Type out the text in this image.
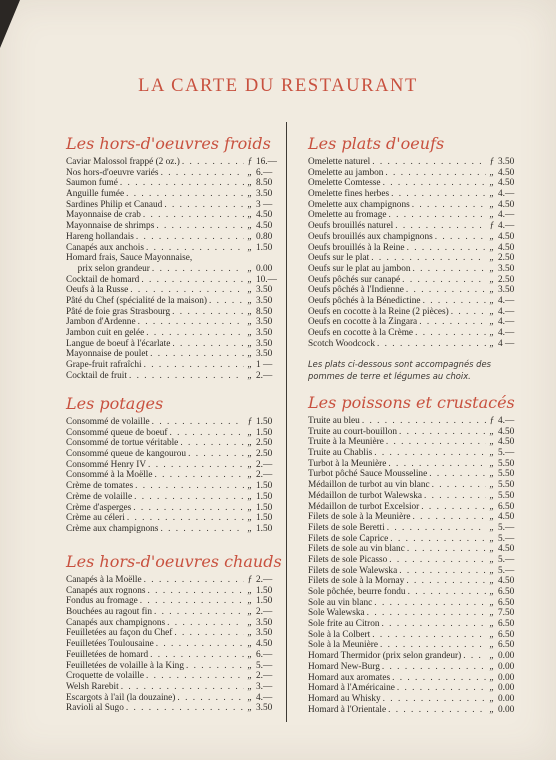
LA CARTE DU RESTAURANT
Les hors-d'oeuvres froids
Caviar Malossol frappé (2 oz.) . . .	ƒ 16.—
Nos hors-d'oeuvre variés . . .	„ 6.—
Saumon fumé . . .	„ 8.50
Anguille fumée . . .	„ 3.50
Sardines Philip et Canaud . . .	„ 3 —
Mayonnaise de crab . . .	„ 4.50
Mayonnaise de shrimps . . .	„ 4.50
Hareng hollandais . . .	„ 0.80
Canapés aux anchois . . .	„ 1.50
Homard frais, Sauce Mayonnaise,
prix selon grandeur . . .	„ 0.00
Cocktail de homard . . .	„ 10.—
Oeufs à la Russe . . .	„ 3.50
Pâté du Chef (spécialité de la maison) . . .	„ 3.50
Pâté de foie gras Strasbourg . . .	„ 8.50
Jambon d'Ardenne . . .	„ 3.50
Jambon cuit en gelée . . .	„ 3.50
Langue de boeuf à l'écarlate . . .	„ 3.50
Mayonnaise de poulet . . .	„ 3.50
Grape-fruit rafraîchi . . .	„ 1 —
Cocktail de fruit . . .	„ 2.—
Les potages
Consommé de volaille . . .	ƒ 1.50
Consommé queue de boeuf . . .	„ 1.50
Consommé de tortue véritable . . .	„ 2.50
Consommé queue de kangourou . . .	„ 2.50
Consommé Henry IV . . .	„ 2.—
Consommé à la Moëlle . . .	„ 2.—
Crème de tomates . . .	„ 1.50
Crème de volaille . . .	„ 1.50
Crème d'asperges . . .	„ 1.50
Crème au céleri . . .	„ 1.50
Crème aux champignons . . .	„ 1.50
Les hors-d'oeuvres chauds
Canapés à la Moëlle . . .	ƒ 2.—
Canapés aux rognons . . .	„ 1.50
Fondus au fromage . . .	„ 1.50
Bouchées au ragout fin . . .	„ 2.—
Canapés aux champignons . . .	„ 3.50
Feuilletées au façon du Chef . . .	„ 3.50
Feuilletées Toulousaine . . .	„ 4.50
Feuilletées de homard . . .	„ 6.—
Feuilletées de volaille à la King . . .	„ 5.—
Croquette de volaille . . .	„ 2.—
Welsh Rarebit . . .	„ 3.—
Escargots à l'ail (la douzaine) . . .	„ 4.—
Ravioli al Sugo . . .	„ 3.50
Les plats d'oeufs
Omelette naturel . . .	ƒ 3.50
Omelette au jambon . . .	„ 4.50
Omelette Comtesse . . .	„ 4.50
Omelette fines herbes . . .	„ 4.—
Omelette aux champignons . . .	„ 4.50
Omelette au fromage . . .	„ 4.—
Oeufs brouillés naturel . . .	ƒ 4.—
Oeufs brouillés aux champignons . . .	„ 4.50
Oeufs brouillés à la Reine . . .	„ 4.50
Oeufs sur le plat . . .	„ 2.50
Oeufs sur le plat au jambon . . .	„ 3.50
Oeufs pôchés sur canapé . . .	„ 2.50
Oeufs pôchés à l'Indienne . . .	„ 3.50
Oeufs pôchés à la Bénedictine . . .	„ 4.—
Oeufs en cocotte à la Reine (2 pièces) . . .	„ 4.—
Oeufs en cocotte à la Zingara . . .	„ 4.—
Oeufs en cocotte à la Crème . . .	„ 4.—
Scotch Woodcock . . .	„ 4 —
Les plats ci-dessous sont accompagnés des pommes de terre et légumes au choix.
Les poissons et crustacés
Truite au bleu . . .	ƒ 4.—
Truite au court-bouillon . . .	„ 4.50
Truite à la Meunière . . .	„ 4.50
Truite au Chablis . . .	„ 5.—
Turbot à la Meunière . . .	„ 5.50
Turbot pôché Sauce Mousseline . . .	„ 5.50
Médaillon de turbot au vin blanc . . .	„ 5.50
Médaillon de turbot Walewska . . .	„ 5.50
Médaillon de turbot Excelsior . . .	„ 6.50
Filets de sole à la Meunière . . .	„ 4.50
Filets de sole Beretti . . .	„ 5.—
Filets de sole Caprice . . .	„ 5.—
Filets de sole au vin blanc . . .	„ 4.50
Filets de sole Picasso . . .	„ 5.—
Filets de sole Walewska . . .	„ 5.—
Filets de sole à la Mornay . . .	„ 4.50
Sole pôchée, beurre fondu . . .	„ 6.50
Sole au vin blanc . . .	„ 6.50
Sole Walewska . . .	„ 7.50
Sole frite au Citron . . .	„ 6.50
Sole à la Colbert . . .	„ 6.50
Sole à la Meunière . . .	„ 6.50
Homard Thermidor (prix selon grandeur) . . .	„ 0.00
Homard New-Burg . . .	„ 0.00
Homard aux aromates . . .	„ 0.00
Homard à l'Américaine . . .	„ 0.00
Homard au Whisky . . .	„ 0.00
Homard à l'Orientale . . .	„ 0.00
